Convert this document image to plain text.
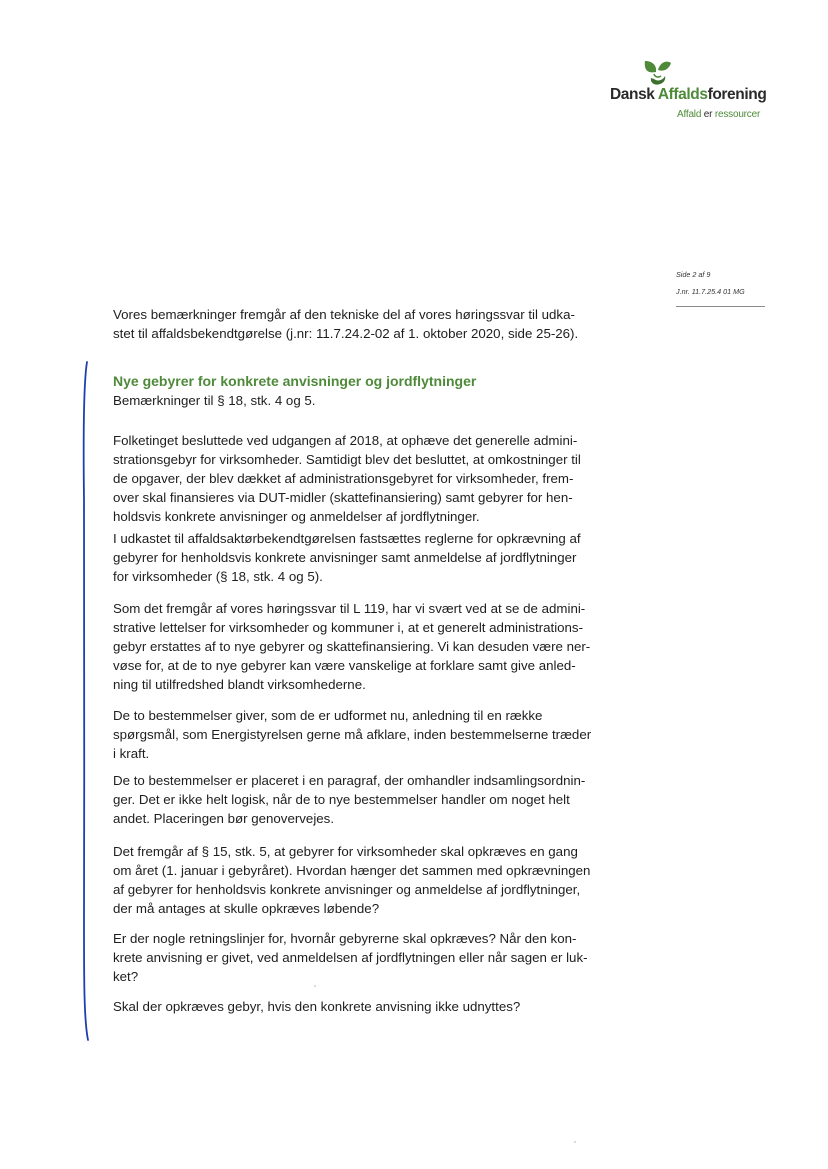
Dansk Affaldsforening
Affald er ressourcer
Side 2 af 9
J.nr. 11.7.25.4 01 MG
Vores bemærkninger fremgår af den tekniske del af vores høringssvar til udka-
stet til affaldsbekendtgørelse (j.nr: 11.7.24.2-02 af 1. oktober 2020, side 25-26).
Nye gebyrer for konkrete anvisninger og jordflytninger
Bemærkninger til § 18, stk. 4 og 5.
Folketinget besluttede ved udgangen af 2018, at ophæve det generelle admini-
strationsgebyr for virksomheder. Samtidigt blev det besluttet, at omkostninger til
de opgaver, der blev dækket af administrationsgebyret for virksomheder, frem-
over skal finansieres via DUT-midler (skattefinansiering) samt gebyrer for hen-
holdsvis konkrete anvisninger og anmeldelser af jordflytninger.
I udkastet til affaldsaktørbekendtgørelsen fastsættes reglerne for opkrævning af
gebyrer for henholdsvis konkrete anvisninger samt anmeldelse af jordflytninger
for virksomheder (§ 18, stk. 4 og 5).
Som det fremgår af vores høringssvar til L 119, har vi svært ved at se de admini-
strative lettelser for virksomheder og kommuner i, at et generelt administrations-
gebyr erstattes af to nye gebyrer og skattefinansiering. Vi kan desuden være ner-
vøse for, at de to nye gebyrer kan være vanskelige at forklare samt give anled-
ning til utilfredshed blandt virksomhederne.
De to bestemmelser giver, som de er udformet nu, anledning til en række
spørgsmål, som Energistyrelsen gerne må afklare, inden bestemmelserne træder
i kraft.
De to bestemmelser er placeret i en paragraf, der omhandler indsamlingsordnin-
ger. Det er ikke helt logisk, når de to nye bestemmelser handler om noget helt
andet. Placeringen bør genovervejes.
Det fremgår af § 15, stk. 5, at gebyrer for virksomheder skal opkræves en gang
om året (1. januar i gebyråret). Hvordan hænger det sammen med opkrævningen
af gebyrer for henholdsvis konkrete anvisninger og anmeldelse af jordflytninger,
der må antages at skulle opkræves løbende?
Er der nogle retningslinjer for, hvornår gebyrerne skal opkræves? Når den kon-
krete anvisning er givet, ved anmeldelsen af jordflytningen eller når sagen er luk-
ket?
Skal der opkræves gebyr, hvis den konkrete anvisning ikke udnyttes?
